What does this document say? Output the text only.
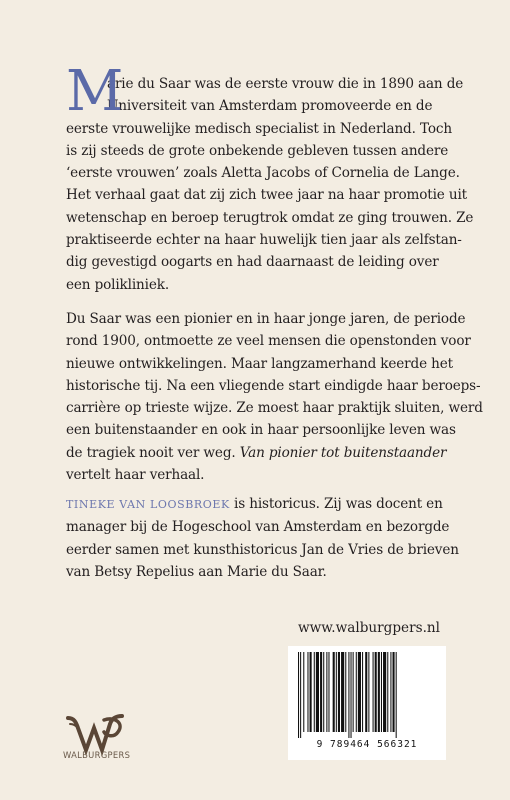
M
arie du Saar was de eerste vrouw die in 1890 aan de
Universiteit van Amsterdam promoveerde en de
eerste vrouwelijke medisch specialist in Nederland. Toch
is zij steeds de grote onbekende gebleven tussen andere
‘eerste vrouwen’ zoals Aletta Jacobs of Cornelia de Lange.
Het verhaal gaat dat zij zich twee jaar na haar promotie uit
wetenschap en beroep terugtrok omdat ze ging trouwen. Ze
praktiseerde echter na haar huwelijk tien jaar als zelfstan-
dig gevestigd oogarts en had daarnaast de leiding over
een polikliniek.
Du Saar was een pionier en in haar jonge jaren, de periode
rond 1900, ontmoette ze veel mensen die openstonden voor
nieuwe ontwikkelingen. Maar langzamerhand keerde het
historische tij. Na een vliegende start eindigde haar beroeps-
carrière op trieste wijze. Ze moest haar praktijk sluiten, werd
een buitenstaander en ook in haar persoonlijke leven was
de tragiek nooit ver weg. Van pionier tot buitenstaander
vertelt haar verhaal.
TINEKE VAN LOOSBROEK is historicus. Zij was docent en
manager bij de Hogeschool van Amsterdam en bezorgde
eerder samen met kunsthistoricus Jan de Vries de brieven
van Betsy Repelius aan Marie du Saar.
www.walburgpers.nl
9 789464 566321
WALBURGPERS
